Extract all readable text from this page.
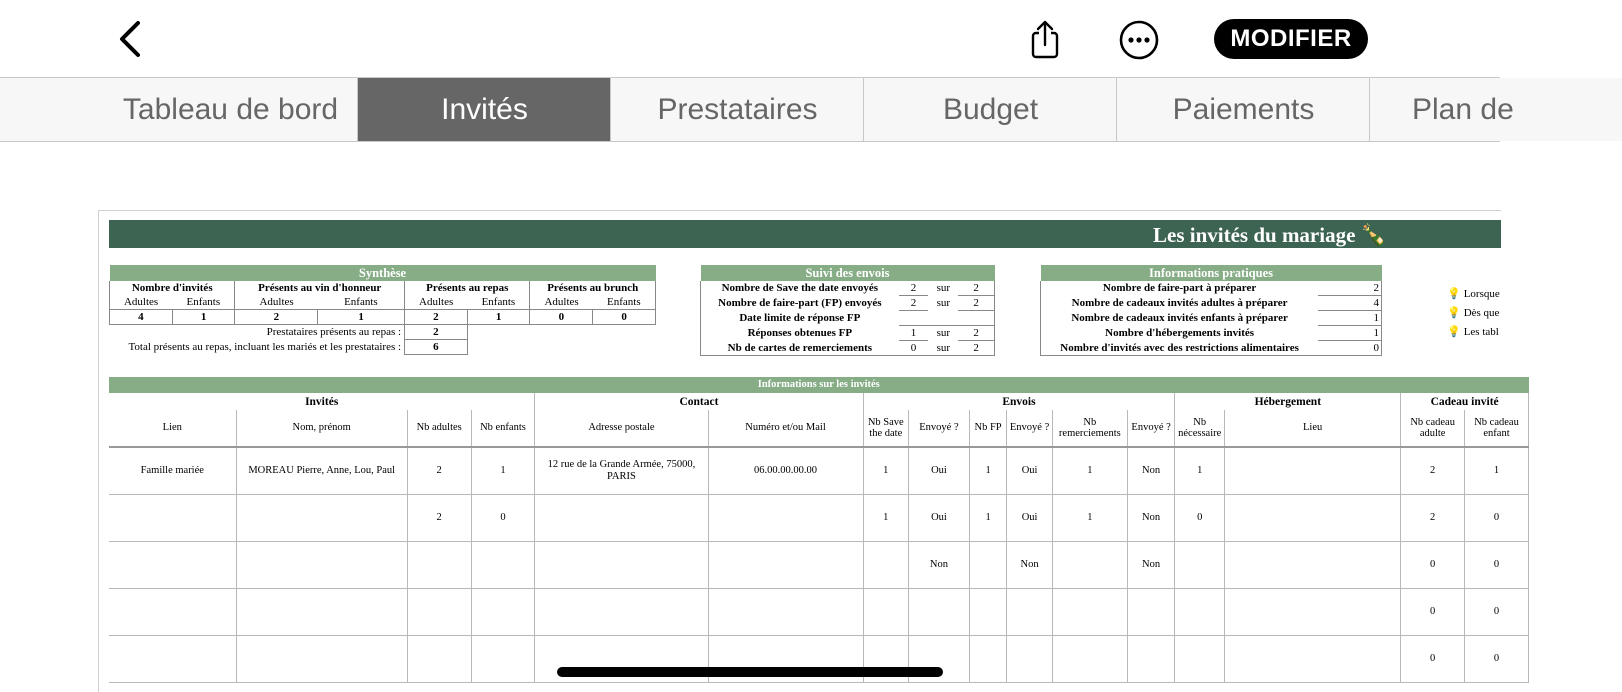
MODIFIER
Tableau de bord	Invités	Prestataires	Budget	Paiements	Plan de
Les invités du mariage 🍾
Synthèse							
Nombre d'invités		Présents au vin d'honneur		Présents au repas		Présents au brunch	
Adultes	Enfants	Adultes	Enfants	Adultes	Enfants	Adultes	Enfants
4	1	2	1	2	1	0	0
Prestataires présents au repas :				2			
Total présents au repas, incluant les mariés et les prestataires :				6			
Suivi des envois			
Nombre de Save the date envoyés	2	sur	2
Nombre de faire-part (FP) envoyés	2	sur	2
Date limite de réponse FP			
Réponses obtenues FP	1	sur	2
Nb de cartes de remerciements	0	sur	2
Informations pratiques	
Nombre de faire-part à préparer	2
Nombre de cadeaux invités adultes à préparer	4
Nombre de cadeaux invités enfants à préparer	1
Nombre d'hébergements invités	1
Nombre d'invités avec des restrictions alimentaires	0
💡 Lorsque
💡 Dès que
💡 Les tabl
Informations sur les invités															
Invités				Contact		Envois						Hébergement		Cadeau invité	
Lien	Nom, prénom	Nb adultes	Nb enfants	Adresse postale	Numéro et/ou Mail	Nb Save the date	Envoyé ?	Nb FP	Envoyé ?	Nb remerciements	Envoyé ?	Nb nécessaire	Lieu	Nb cadeau adulte	Nb cadeau enfant
Famille mariée	MOREAU Pierre, Anne, Lou, Paul	2	1	12 rue de la Grande Armée, 75000, PARIS	06.00.00.00.00	1	Oui	1	Oui	1	Non	1		2	1
		2	0			1	Oui	1	Oui	1	Non	0		2	0
							Non		Non		Non			0	0
														0	0
														0	0
